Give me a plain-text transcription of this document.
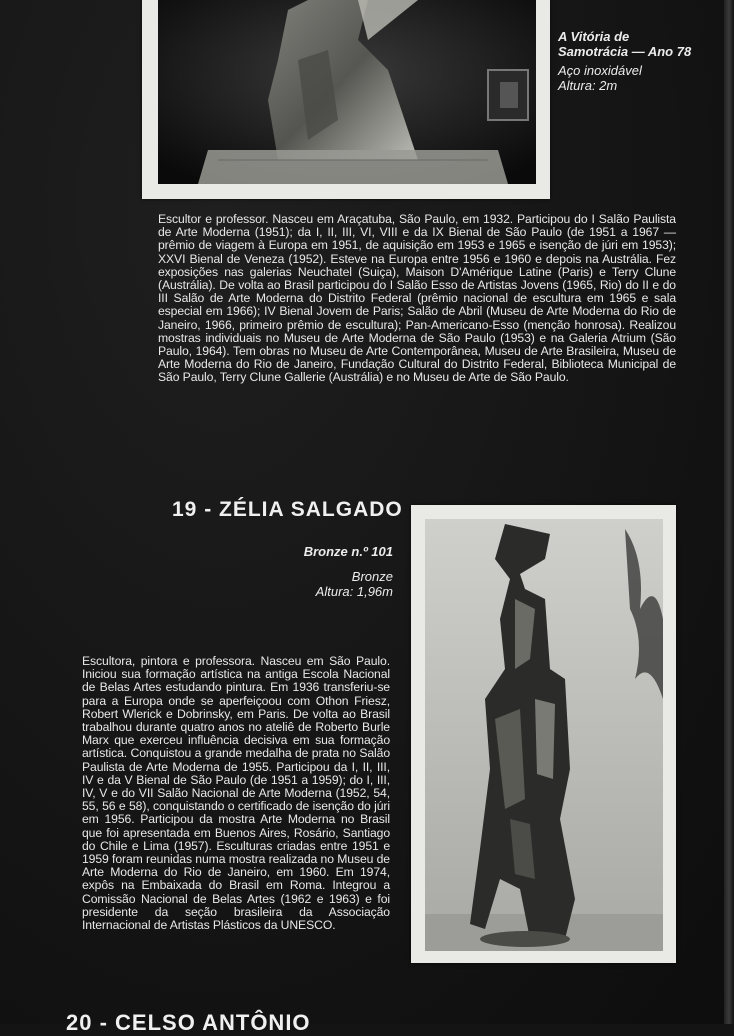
A Vitória de
Samotrácia — Ano 78
Aço inoxidável
Altura: 2m
Escultor e professor. Nasceu em Araçatuba, São Paulo, em 1932. Participou do I Salão Paulista de Arte Moderna (1951); da I, II, III, VI, VIII e da IX Bienal de São Paulo (de 1951 a 1967 — prêmio de viagem à Europa em 1951, de aquisição em 1953 e 1965 e isenção de júri em 1953); XXVI Bienal de Veneza (1952). Esteve na Europa entre 1956 e 1960 e depois na Austrália. Fez exposições nas galerias Neuchatel (Suiça), Maison D'Amérique Latine (Paris) e Terry Clune (Austrália). De volta ao Brasil participou do I Salão Esso de Artistas Jovens (1965, Rio) do II e do III Salão de Arte Moderna do Distrito Federal (prêmio nacional de escultura em 1965 e sala especial em 1966); IV Bienal Jovem de Paris; Salão de Abril (Museu de Arte Moderna do Rio de Janeiro, 1966, primeiro prêmio de escultura); Pan-Americano-Esso (menção honrosa). Realizou mostras individuais no Museu de Arte Moderna de São Paulo (1953) e na Galeria Atrium (São Paulo, 1964). Tem obras no Museu de Arte Contemporânea, Museu de Arte Brasileira, Museu de Arte Moderna do Rio de Janeiro, Fundação Cultural do Distrito Federal, Biblioteca Municipal de São Paulo, Terry Clune Gallerie (Austrália) e no Museu de Arte de São Paulo.
19 - ZÉLIA SALGADO
Bronze n.º 101
Bronze
Altura: 1,96m
Escultora, pintora e professora. Nasceu em São Paulo. Iniciou sua formação artística na antiga Escola Nacional de Belas Artes estudando pintura. Em 1936 transferiu-se para a Europa onde se aperfeiçoou com Othon Friesz, Robert Wlerick e Dobrinsky, em Paris. De volta ao Brasil trabalhou durante quatro anos no ateliê de Roberto Burle Marx que exerceu influência decisiva em sua formação artística. Conquistou a grande medalha de prata no Salão Paulista de Arte Moderna de 1955. Participou da I, II, III, IV e da V Bienal de São Paulo (de 1951 a 1959); do I, III, IV, V e do VII Salão Nacional de Arte Moderna (1952, 54, 55, 56 e 58), conquistando o certificado de isenção do júri em 1956. Participou da mostra Arte Moderna no Brasil que foi apresentada em Buenos Aires, Rosário, Santiago do Chile e Lima (1957). Esculturas criadas entre 1951 e 1959 foram reunidas numa mostra realizada no Museu de Arte Moderna do Rio de Janeiro, em 1960. Em 1974, expôs na Embaixada do Brasil em Roma. Integrou a Comissão Nacional de Belas Artes (1962 e 1963) e foi presidente da seção brasileira da Associação Internacional de Artistas Plásticos da UNESCO.
20 - CELSO ANTÔNIO
